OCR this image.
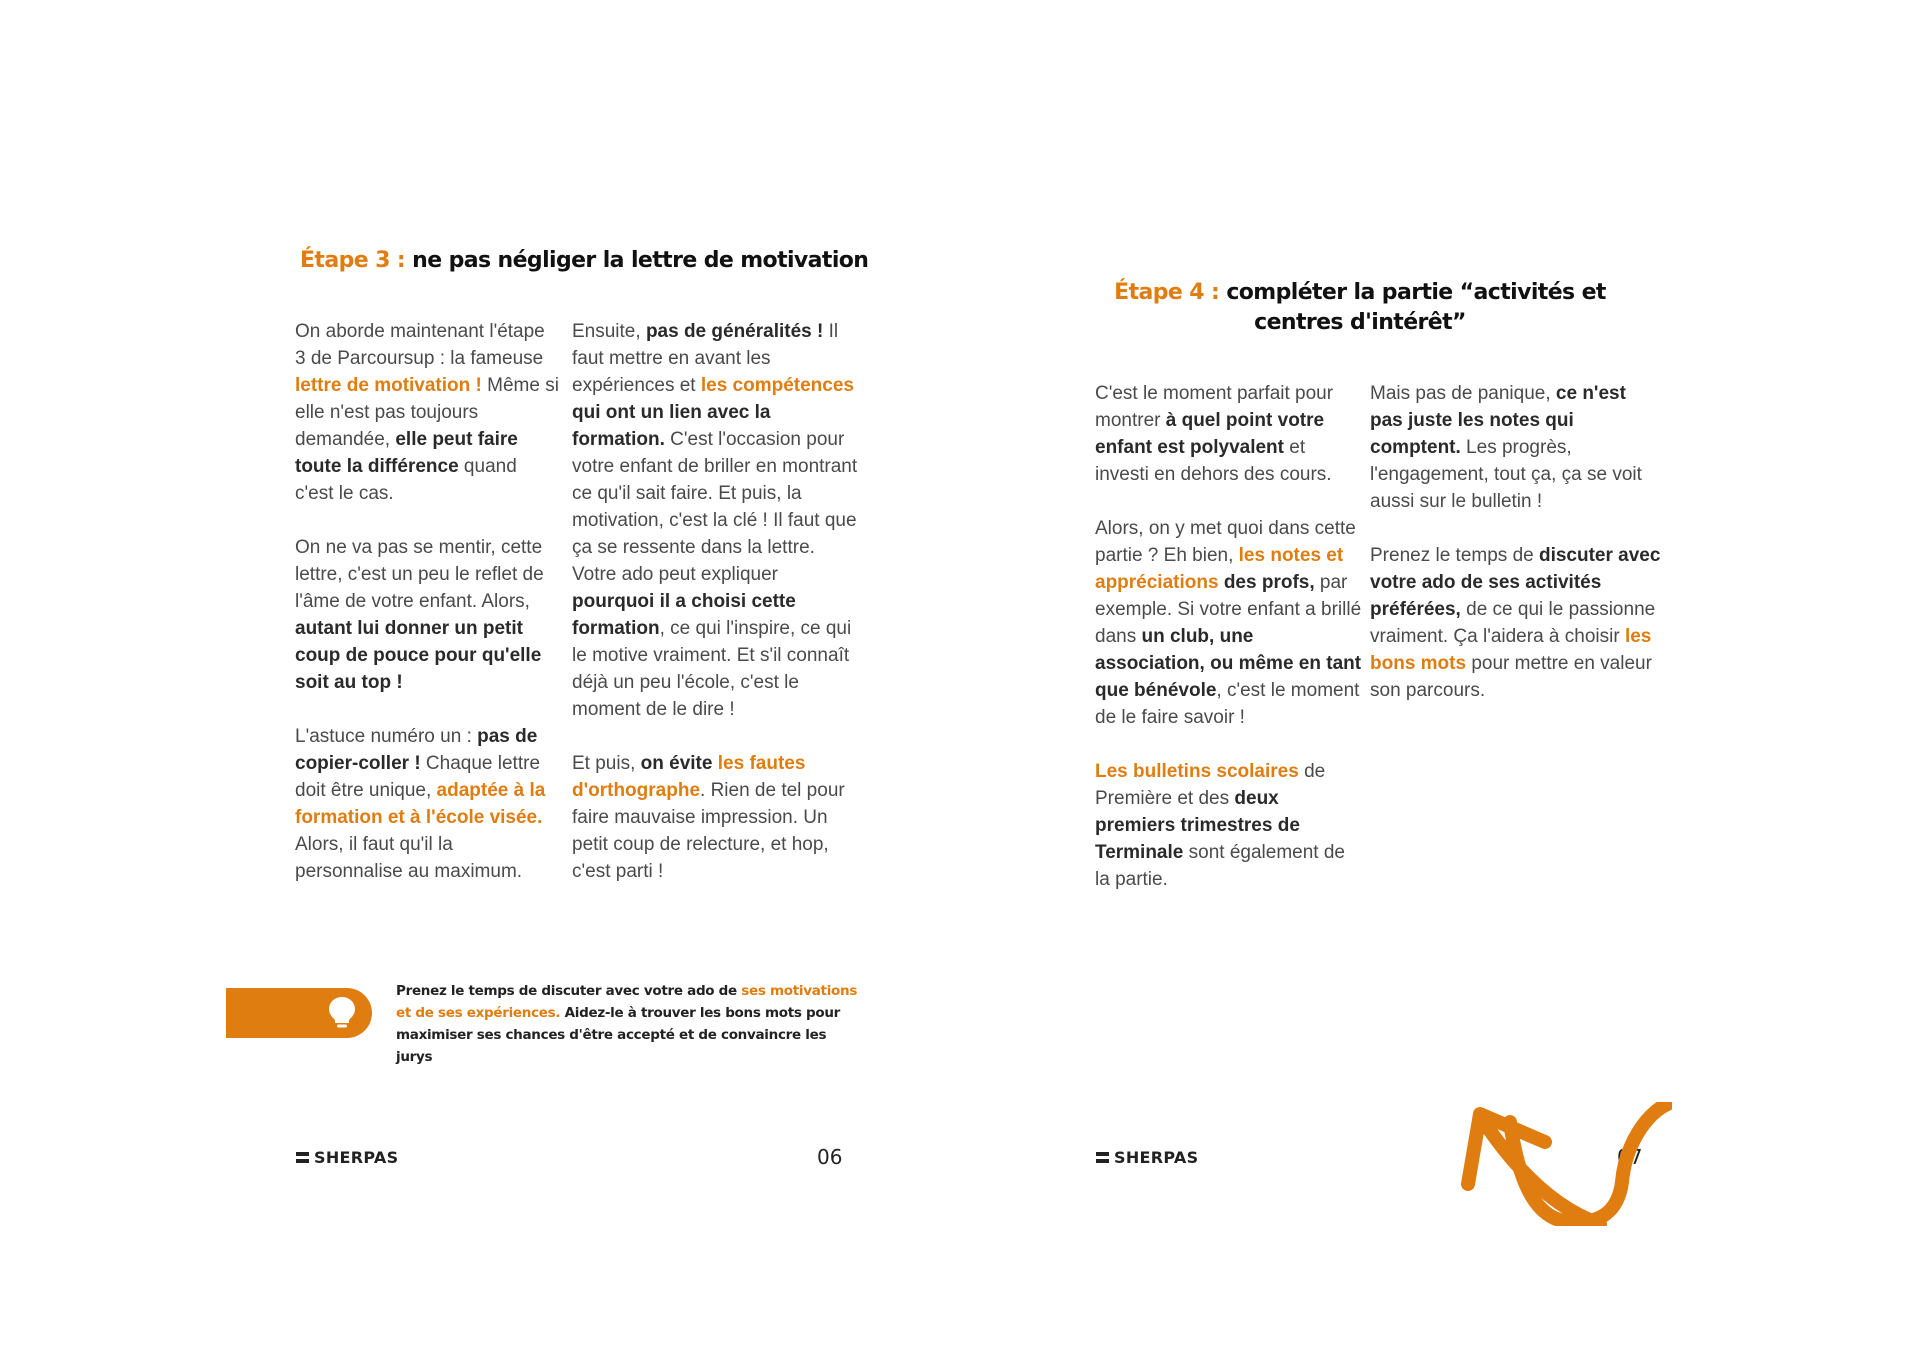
Étape 3 : ne pas négliger la lettre de motivation

On aborde maintenant l'étape 3 de Parcoursup : la fameuse lettre de motivation ! Même si elle n'est pas toujours demandée, elle peut faire toute la différence quand c'est le cas.

On ne va pas se mentir, cette lettre, c'est un peu le reflet de l'âme de votre enfant. Alors, autant lui donner un petit coup de pouce pour qu'elle soit au top !

L'astuce numéro un : pas de copier-coller ! Chaque lettre doit être unique, adaptée à la formation et à l'école visée. Alors, il faut qu'il la personnalise au maximum.

Ensuite, pas de généralités ! Il faut mettre en avant les expériences et les compétences qui ont un lien avec la formation. C'est l'occasion pour votre enfant de briller en montrant ce qu'il sait faire. Et puis, la motivation, c'est la clé ! Il faut que ça se ressente dans la lettre. Votre ado peut expliquer pourquoi il a choisi cette formation, ce qui l'inspire, ce qui le motive vraiment. Et s'il connaît déjà un peu l'école, c'est le moment de le dire !

Et puis, on évite les fautes d'orthographe. Rien de tel pour faire mauvaise impression. Un petit coup de relecture, et hop, c'est parti !

Prenez le temps de discuter avec votre ado de ses motivations et de ses expériences. Aidez-le à trouver les bons mots pour maximiser ses chances d'être accepté et de convaincre les jurys
SHERPAS	06
Étape 4 : compléter la partie “activités et centres d'intérêt”

C'est le moment parfait pour montrer à quel point votre enfant est polyvalent et investi en dehors des cours.

Alors, on y met quoi dans cette partie ? Eh bien, les notes et appréciations des profs, par exemple. Si votre enfant a brillé dans un club, une association, ou même en tant que bénévole, c'est le moment de le faire savoir !

Les bulletins scolaires de Première et des deux premiers trimestres de Terminale sont également de la partie.

Mais pas de panique, ce n'est pas juste les notes qui comptent. Les progrès, l'engagement, tout ça, ça se voit aussi sur le bulletin !

Prenez le temps de discuter avec votre ado de ses activités préférées, de ce qui le passionne vraiment. Ça l'aidera à choisir les bons mots pour mettre en valeur son parcours.

SHERPAS	07
